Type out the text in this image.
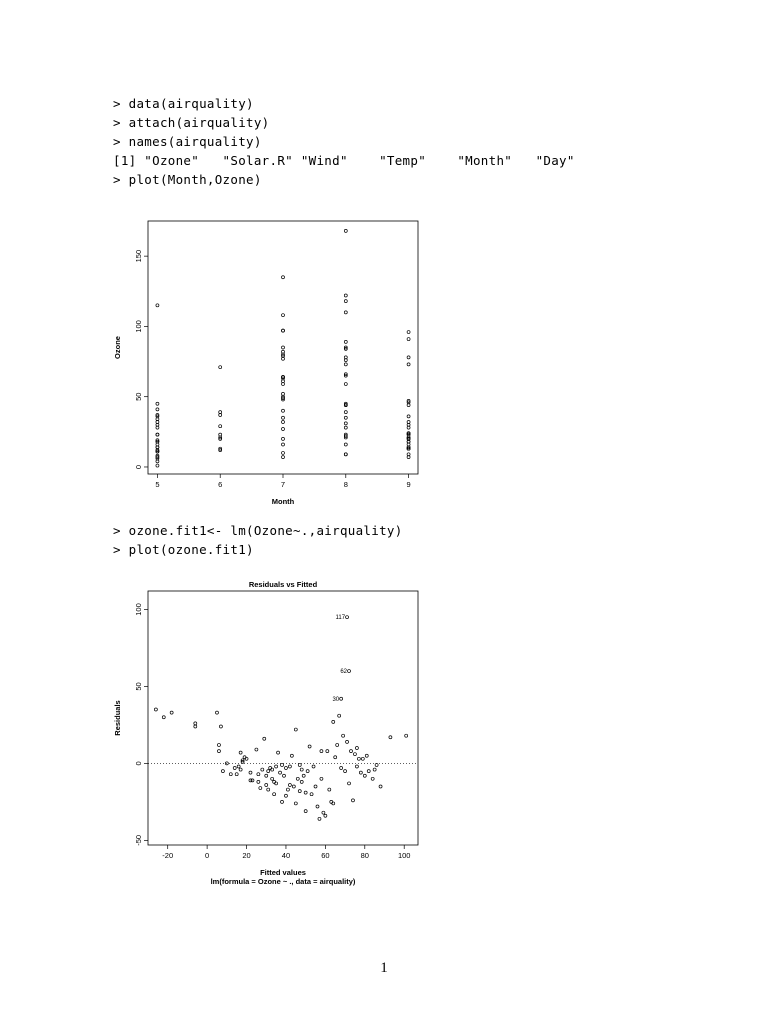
> data(airquality)
> attach(airquality)
> names(airquality)
[1] "Ozone"   "Solar.R" "Wind"    "Temp"    "Month"   "Day"
> plot(Month,Ozone)
5	6	7	8	9
0
50
100
150
Month
Ozone
> ozone.fit1<- lm(Ozone~.,airquality)
> plot(ozone.fit1)
Residuals vs Fitted
-20	0	20	40	60	80	100
-50
0
50
100
Fitted values
lm(formula = Ozone ~ ., data = airquality)
Residuals
117
62
30
1
